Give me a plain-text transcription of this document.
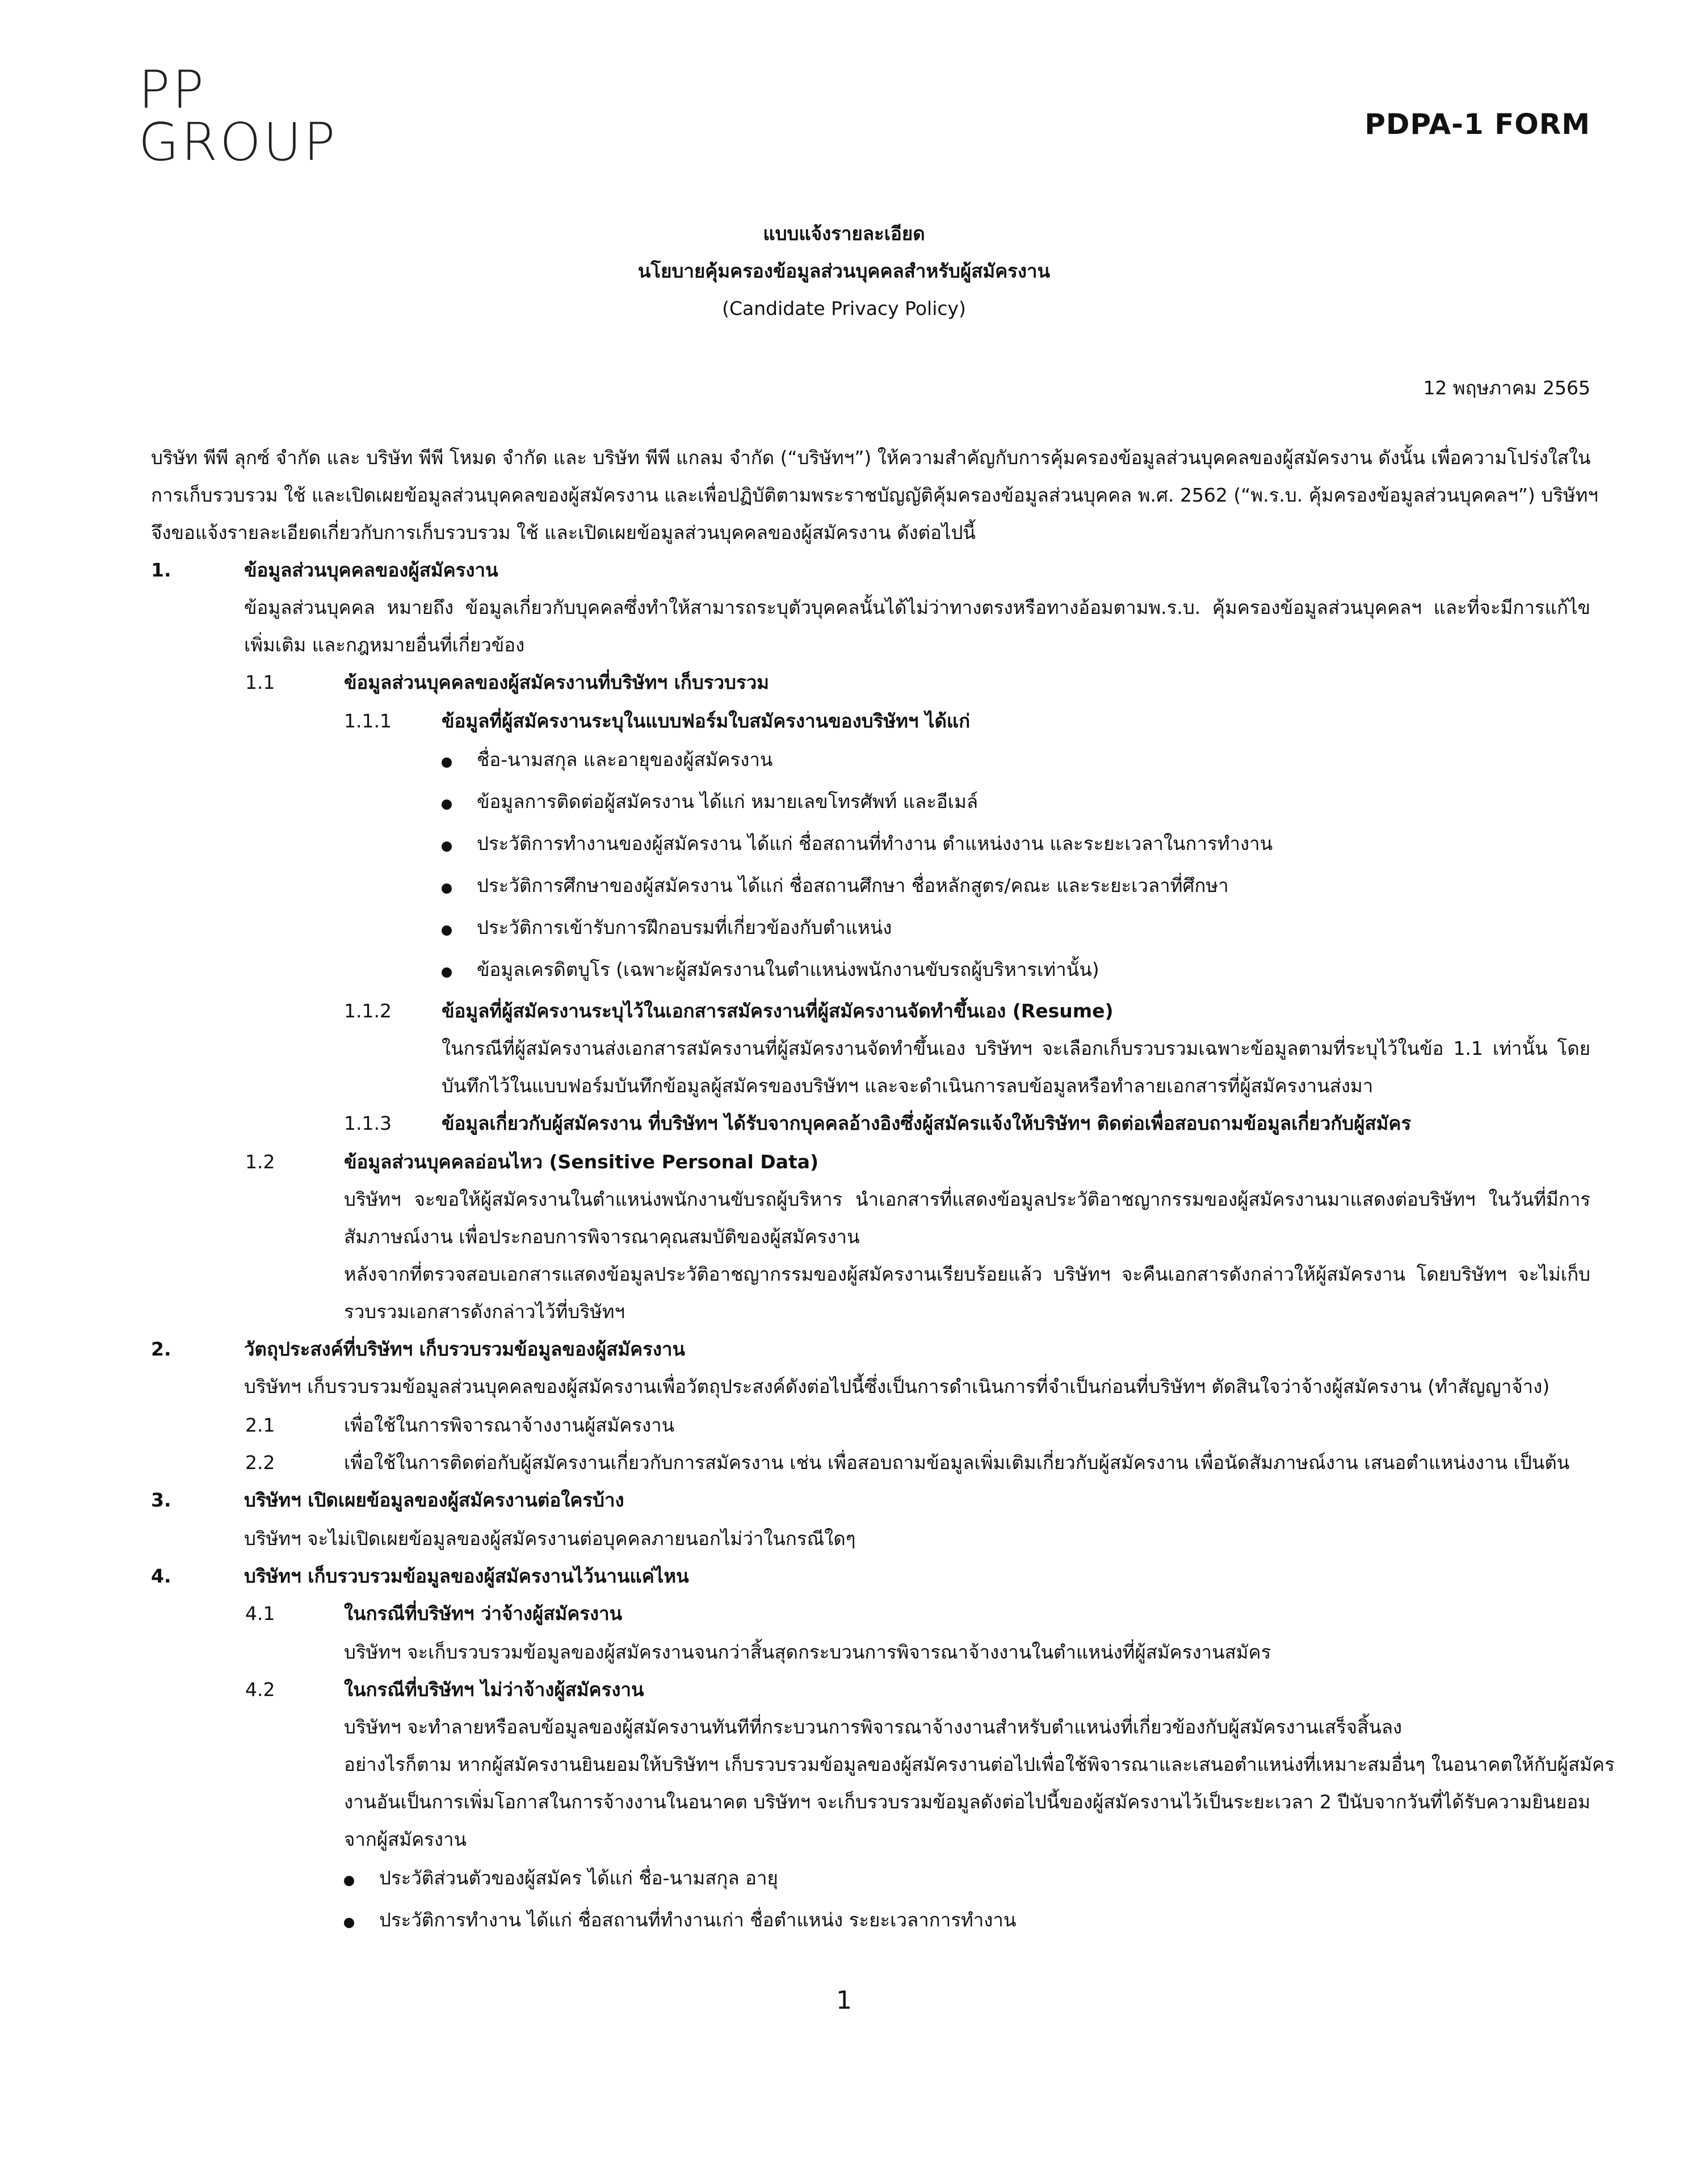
PP
GROUP	PDPA-1 FORM
แบบแจ้งรายละเอียด
นโยบายคุ้มครองข้อมูลส่วนบุคคลสำหรับผู้สมัครงาน
(Candidate Privacy Policy)
12 พฤษภาคม 2565
บริษัท พีพี ลุกซ์ จำกัด และ บริษัท พีพี โหมด จำกัด และ บริษัท พีพี แกลม จำกัด (“บริษัทฯ”) ให้ความสำคัญกับการคุ้มครองข้อมูลส่วนบุคคลของผู้สมัครงาน ดังนั้น เพื่อความโปร่งใสใน
การเก็บรวบรวม ใช้ และเปิดเผยข้อมูลส่วนบุคคลของผู้สมัครงาน และเพื่อปฏิบัติตามพระราชบัญญัติคุ้มครองข้อมูลส่วนบุคคล พ.ศ. 2562 (“พ.ร.บ. คุ้มครองข้อมูลส่วนบุคคลฯ”) บริษัทฯ
จึงขอแจ้งรายละเอียดเกี่ยวกับการเก็บรวบรวม ใช้ และเปิดเผยข้อมูลส่วนบุคคลของผู้สมัครงาน ดังต่อไปนี้
1.	ข้อมูลส่วนบุคคลของผู้สมัครงาน
ข้อมูลส่วนบุคคล หมายถึง ข้อมูลเกี่ยวกับบุคคลซึ่งทำให้สามารถระบุตัวบุคคลนั้นได้ไม่ว่าทางตรงหรือทางอ้อมตามพ.ร.บ. คุ้มครองข้อมูลส่วนบุคคลฯ และที่จะมีการแก้ไข
เพิ่มเติม และกฎหมายอื่นที่เกี่ยวข้อง
1.1	ข้อมูลส่วนบุคคลของผู้สมัครงานที่บริษัทฯ เก็บรวบรวม
1.1.1	ข้อมูลที่ผู้สมัครงานระบุในแบบฟอร์มใบสมัครงานของบริษัทฯ ได้แก่
ชื่อ-นามสกุล และอายุของผู้สมัครงาน
ข้อมูลการติดต่อผู้สมัครงาน ได้แก่ หมายเลขโทรศัพท์ และอีเมล์
ประวัติการทำงานของผู้สมัครงาน ได้แก่ ชื่อสถานที่ทำงาน ตำแหน่งงาน และระยะเวลาในการทำงาน
ประวัติการศึกษาของผู้สมัครงาน ได้แก่ ชื่อสถานศึกษา ชื่อหลักสูตร/คณะ และระยะเวลาที่ศึกษา
ประวัติการเข้ารับการฝึกอบรมที่เกี่ยวข้องกับตำแหน่ง
ข้อมูลเครดิตบูโร (เฉพาะผู้สมัครงานในตำแหน่งพนักงานขับรถผู้บริหารเท่านั้น)
1.1.2	ข้อมูลที่ผู้สมัครงานระบุไว้ในเอกสารสมัครงานที่ผู้สมัครงานจัดทำขึ้นเอง (Resume)
ในกรณีที่ผู้สมัครงานส่งเอกสารสมัครงานที่ผู้สมัครงานจัดทำขึ้นเอง บริษัทฯ จะเลือกเก็บรวบรวมเฉพาะข้อมูลตามที่ระบุไว้ในข้อ 1.1 เท่านั้น โดย
บันทึกไว้ในแบบฟอร์มบันทึกข้อมูลผู้สมัครของบริษัทฯ และจะดำเนินการลบข้อมูลหรือทำลายเอกสารที่ผู้สมัครงานส่งมา
1.1.3	ข้อมูลเกี่ยวกับผู้สมัครงาน ที่บริษัทฯ ได้รับจากบุคคลอ้างอิงซึ่งผู้สมัครแจ้งให้บริษัทฯ ติดต่อเพื่อสอบถามข้อมูลเกี่ยวกับผู้สมัคร
1.2	ข้อมูลส่วนบุคคลอ่อนไหว (Sensitive Personal Data)
บริษัทฯ จะขอให้ผู้สมัครงานในตำแหน่งพนักงานขับรถผู้บริหาร นำเอกสารที่แสดงข้อมูลประวัติอาชญากรรมของผู้สมัครงานมาแสดงต่อบริษัทฯ ในวันที่มีการ
สัมภาษณ์งาน เพื่อประกอบการพิจารณาคุณสมบัติของผู้สมัครงาน
หลังจากที่ตรวจสอบเอกสารแสดงข้อมูลประวัติอาชญากรรมของผู้สมัครงานเรียบร้อยแล้ว บริษัทฯ จะคืนเอกสารดังกล่าวให้ผู้สมัครงาน โดยบริษัทฯ จะไม่เก็บ
รวบรวมเอกสารดังกล่าวไว้ที่บริษัทฯ
2.	วัตถุประสงค์ที่บริษัทฯ เก็บรวบรวมข้อมูลของผู้สมัครงาน
บริษัทฯ เก็บรวบรวมข้อมูลส่วนบุคคลของผู้สมัครงานเพื่อวัตถุประสงค์ดังต่อไปนี้ซึ่งเป็นการดำเนินการที่จำเป็นก่อนที่บริษัทฯ ตัดสินใจว่าจ้างผู้สมัครงาน (ทำสัญญาจ้าง)
2.1	เพื่อใช้ในการพิจารณาจ้างงานผู้สมัครงาน
2.2	เพื่อใช้ในการติดต่อกับผู้สมัครงานเกี่ยวกับการสมัครงาน เช่น เพื่อสอบถามข้อมูลเพิ่มเติมเกี่ยวกับผู้สมัครงาน เพื่อนัดสัมภาษณ์งาน เสนอตำแหน่งงาน เป็นต้น
3.	บริษัทฯ เปิดเผยข้อมูลของผู้สมัครงานต่อใครบ้าง
บริษัทฯ จะไม่เปิดเผยข้อมูลของผู้สมัครงานต่อบุคคลภายนอกไม่ว่าในกรณีใดๆ
4.	บริษัทฯ เก็บรวบรวมข้อมูลของผู้สมัครงานไว้นานแค่ไหน
4.1	ในกรณีที่บริษัทฯ ว่าจ้างผู้สมัครงาน
บริษัทฯ จะเก็บรวบรวมข้อมูลของผู้สมัครงานจนกว่าสิ้นสุดกระบวนการพิจารณาจ้างงานในตำแหน่งที่ผู้สมัครงานสมัคร
4.2	ในกรณีที่บริษัทฯ ไม่ว่าจ้างผู้สมัครงาน
บริษัทฯ จะทำลายหรือลบข้อมูลของผู้สมัครงานทันทีที่กระบวนการพิจารณาจ้างงานสำหรับตำแหน่งที่เกี่ยวข้องกับผู้สมัครงานเสร็จสิ้นลง
อย่างไรก็ตาม หากผู้สมัครงานยินยอมให้บริษัทฯ เก็บรวบรวมข้อมูลของผู้สมัครงานต่อไปเพื่อใช้พิจารณาและเสนอตำแหน่งที่เหมาะสมอื่นๆ ในอนาคตให้กับผู้สมัคร
งานอันเป็นการเพิ่มโอกาสในการจ้างงานในอนาคต บริษัทฯ จะเก็บรวบรวมข้อมูลดังต่อไปนี้ของผู้สมัครงานไว้เป็นระยะเวลา 2 ปีนับจากวันที่ได้รับความยินยอม
จากผู้สมัครงาน
ประวัติส่วนตัวของผู้สมัคร ได้แก่ ชื่อ-นามสกุล อายุ
ประวัติการทำงาน ได้แก่ ชื่อสถานที่ทำงานเก่า ชื่อตำแหน่ง ระยะเวลาการทำงาน
1
